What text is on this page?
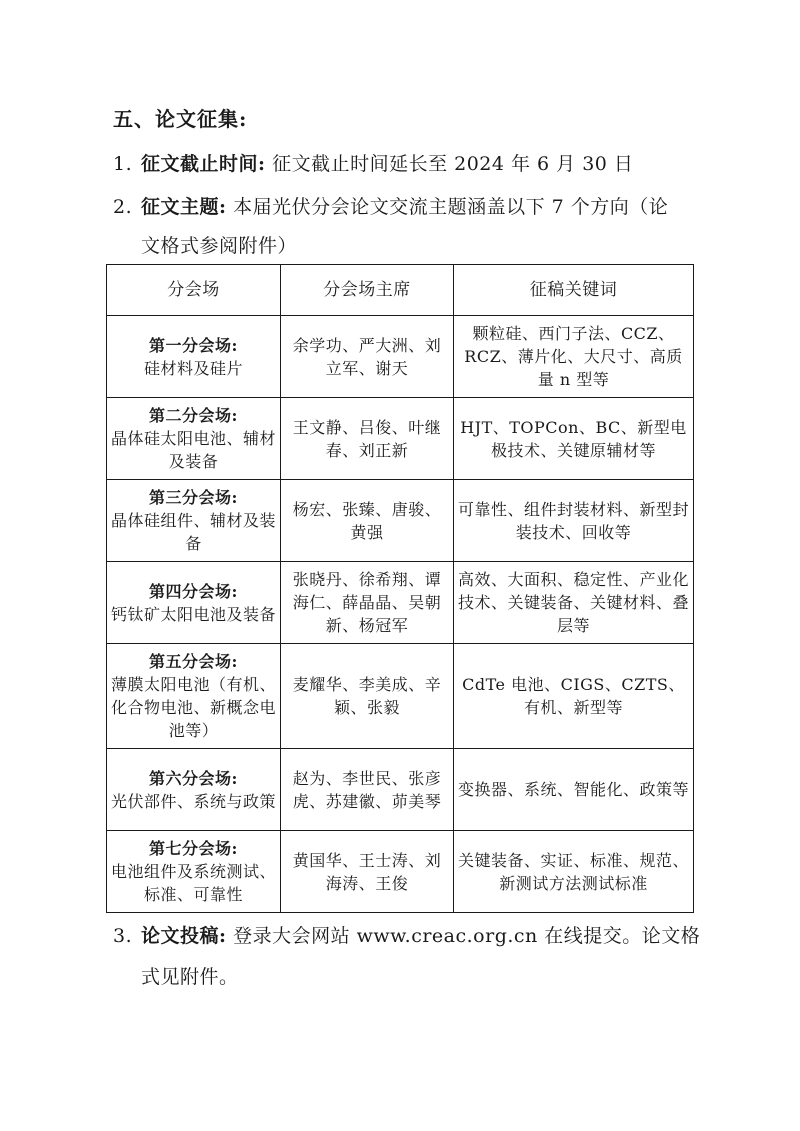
五、论文征集:
1. 征文截止时间: 征文截止时间延长至 2024 年 6 月 30 日
2. 征文主题: 本届光伏分会论文交流主题涵盖以下 7 个方向（论
文格式参阅附件）
分会场	分会场主席	征稿关键词

第一分会场:
硅材料及硅片	余学功、严大洲、刘立军、谢天	颗粒硅、西门子法、CCZ、RCZ、薄片化、大尺寸、高质量 n 型等

第二分会场:
晶体硅太阳电池、辅材及装备	王文静、吕俊、叶继春、刘正新	HJT、TOPCon、BC、新型电极技术、关键原辅材等

第三分会场:
晶体硅组件、辅材及装备	杨宏、张臻、唐骏、黄强	可靠性、组件封装材料、新型封装技术、回收等

第四分会场:
钙钛矿太阳电池及装备	张晓丹、徐希翔、谭海仁、薛晶晶、吴朝新、杨冠军	高效、大面积、稳定性、产业化技术、关键装备、关键材料、叠层等

第五分会场:
薄膜太阳电池（有机、化合物电池、新概念电池等）	麦耀华、李美成、辛颖、张毅	CdTe 电池、CIGS、CZTS、有机、新型等

第六分会场:
光伏部件、系统与政策	赵为、李世民、张彦虎、苏建徽、茆美琴	变换器、系统、智能化、政策等

第七分会场:
电池组件及系统测试、标准、可靠性	黄国华、王士涛、刘海涛、王俊	关键装备、实证、标准、规范、新测试方法测试标准
3. 论文投稿: 登录大会网站 www.creac.org.cn 在线提交。论文格
式见附件。
